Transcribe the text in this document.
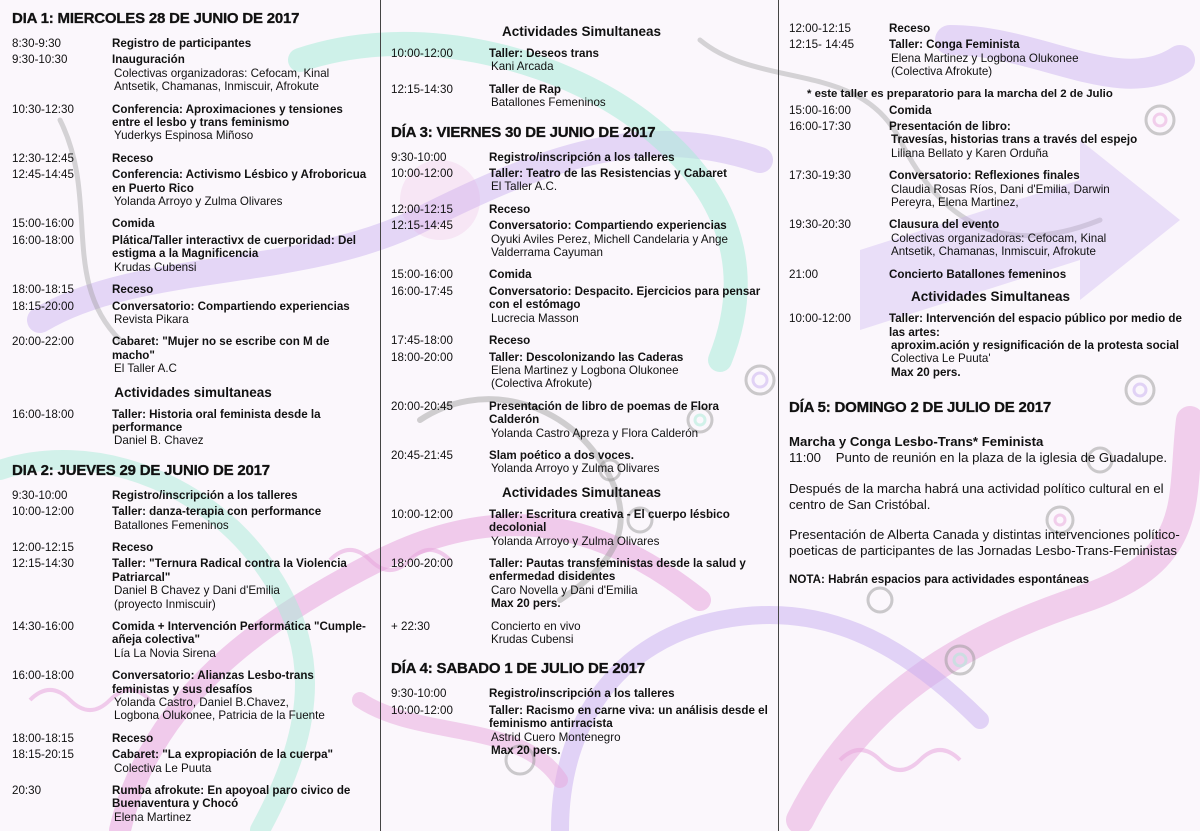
DIA 1: MIERCOLES 28 DE JUNIO DE 2017
8:30-9:30	Registro de participantes
9:30-10:30	Inauguración
Colectivas organizadoras: Cefocam, Kinal
Antsetik, Chamanas, Inmiscuir, Afrokute
10:30-12:30	Conferencia: Aproximaciones y tensiones entre el lesbo y trans feminismo
Yuderkys Espinosa Miñoso
12:30-12:45	Receso
12:45-14:45	Conferencia: Activismo Lésbico y Afroboricua en Puerto Rico
Yolanda Arroyo y Zulma Olivares
15:00-16:00	Comida
16:00-18:00	Plática/Taller interactivx de cuerporidad: Del estigma a la Magnificencia
Krudas Cubensi
18:00-18:15	Receso
18:15-20:00	Conversatorio: Compartiendo experiencias
Revista Pikara
20:00-22:00	Cabaret: "Mujer no se escribe con M de macho"
El Taller A.C
Actividades simultaneas
16:00-18:00	Taller: Historia oral feminista desde la performance
Daniel B. Chavez
DIA 2: JUEVES 29 DE JUNIO DE 2017
9:30-10:00	Registro/inscripción a los talleres
10:00-12:00	Taller: danza-terapia con performance
Batallones Femeninos
12:00-12:15	Receso
12:15-14:30	Taller: "Ternura Radical contra la Violencia Patriarcal"
Daniel B Chavez y Dani d'Emilia
(proyecto Inmiscuir)
14:30-16:00	Comida + Intervención Performática "Cumple-añeja colectiva"
Lía La Novia Sirena
16:00-18:00	Conversatorio: Alianzas Lesbo-trans feministas y sus desafíos
Yolanda Castro, Daniel B.Chavez,
Logbona Olukonee, Patricia de la Fuente
18:00-18:15	Receso
18:15-20:15	Cabaret: "La expropiación de la cuerpa"
Colectiva Le Puuta
20:30	Rumba afrokute: En apoyoal paro civico de Buenaventura y Chocó
Elena Martinez
Actividades Simultaneas
10:00-12:00	Taller: Deseos trans
Kani Arcada
12:15-14:30	Taller de Rap
Batallones Femeninos
DÍA 3: VIERNES 30 DE JUNIO DE 2017
9:30-10:00	Registro/inscripción a los talleres
10:00-12:00	Taller: Teatro de las Resistencias y Cabaret
El Taller A.C.
12:00-12:15	Receso
12:15-14:45	Conversatorio: Compartiendo experiencias
Oyuki Aviles Perez, Michell Candelaria y Ange
Valderrama Cayuman
15:00-16:00	Comida
16:00-17:45	Conversatorio: Despacito. Ejercicios para pensar con el estómago
Lucrecia Masson
17:45-18:00	Receso
18:00-20:00	Taller: Descolonizando las Caderas
Elena Martinez y Logbona Olukonee
(Colectiva Afrokute)
20:00-20:45	Presentación de libro de poemas de Flora Calderón
Yolanda Castro Apreza y Flora Calderón
20:45-21:45	Slam poético a dos voces.
Yolanda Arroyo y Zulma Olivares
Actividades Simultaneas
10:00-12:00	Taller: Escritura creativa - El cuerpo lésbico decolonial
Yolanda Arroyo y Zulma Olivares
18:00-20:00	Taller: Pautas transfeministas desde la salud y enfermedad disidentes
Caro Novella y Dani d'Emilia
Max 20 pers.
+ 22:30	Concierto en vivo
Krudas Cubensi
DÍA 4: SABADO 1 DE JULIO DE 2017
9:30-10:00	Registro/inscripción a los talleres
10:00-12:00	Taller: Racismo en carne viva: un análisis desde el feminismo antirracista
Astrid Cuero Montenegro
Max 20 pers.
12:00-12:15	Receso
12:15- 14:45	Taller: Conga Feminista
Elena Martinez y Logbona Olukonee
(Colectiva Afrokute)
* este taller es preparatorio para la marcha del 2 de Julio
15:00-16:00	Comida
16:00-17:30	Presentación de libro:
Travesías, historias trans a través del espejo
Liliana Bellato y Karen Orduña
17:30-19:30	Conversatorio: Reflexiones finales
Claudia Rosas Ríos, Dani d'Emilia, Darwin
Pereyra, Elena Martinez,
19:30-20:30	Clausura del evento
Colectivas organizadoras: Cefocam, Kinal
Antsetik, Chamanas, Inmiscuir, Afrokute
21:00	Concierto Batallones femeninos
Actividades Simultaneas
10:00-12:00	Taller: Intervención del espacio público por medio de las artes:
aproxim.ación y resignificación de la protesta social
Colectiva Le Puuta'
Max 20 pers.
DÍA 5: DOMINGO 2 DE JULIO DE 2017
Marcha y Conga Lesbo-Trans* Feminista
11:00 Punto de reunión en la plaza de la iglesia de Guadalupe.
Después de la marcha habrá una actividad político cultural en el centro de San Cristóbal.
Presentación de Alberta Canada y distintas intervenciones político-poeticas de participantes de las Jornadas Lesbo-Trans-Feministas
NOTA: Habrán espacios para actividades espontáneas
